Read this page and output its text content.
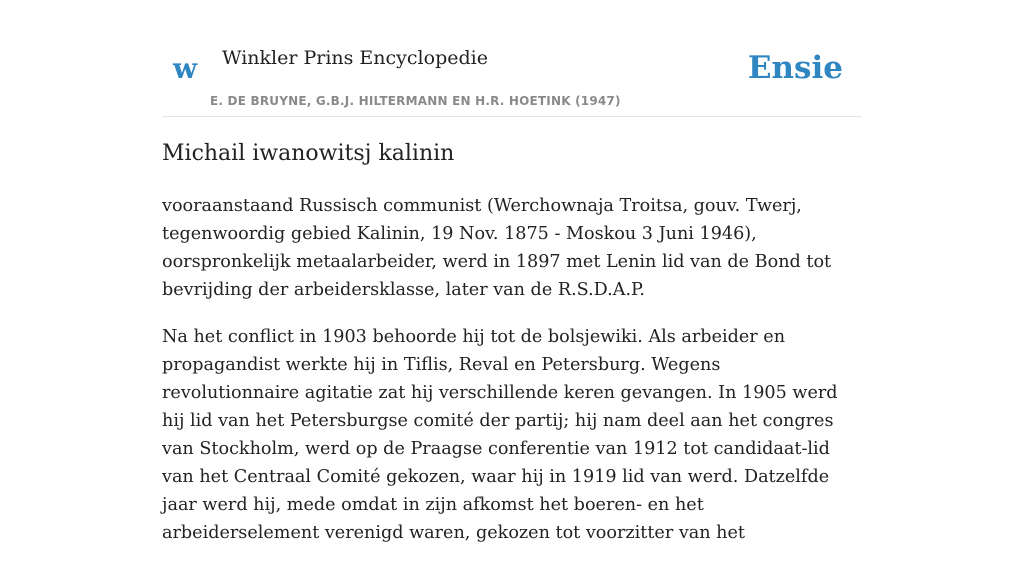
w Winkler Prins Encyclopedie
E. DE BRUYNE, G.B.J. HILTERMANN EN H.R. HOETINK (1947)
Ensie
Michail iwanowitsj kalinin

vooraanstaand Russisch communist (Werchownaja Troitsa, gouv. Twerj, tegenwoordig gebied Kalinin, 19 Nov. 1875 - Moskou 3 Juni 1946), oorspronkelijk metaalarbeider, werd in 1897 met Lenin lid van de Bond tot bevrijding der arbeidersklasse, later van de R.S.D.A.P.

Na het conflict in 1903 behoorde hij tot de bolsjewiki. Als arbeider en propagandist werkte hij in Tiflis, Reval en Petersburg. Wegens revolutionnaire agitatie zat hij verschillende keren gevangen. In 1905 werd hij lid van het Petersburgse comité der partij; hij nam deel aan het congres van Stockholm, werd op de Praagse conferentie van 1912 tot candidaat-lid van het Centraal Comité gekozen, waar hij in 1919 lid van werd. Datzelfde jaar werd hij, mede omdat in zijn afkomst het boeren- en het arbeiderselement verenigd waren, gekozen tot voorzitter van het
